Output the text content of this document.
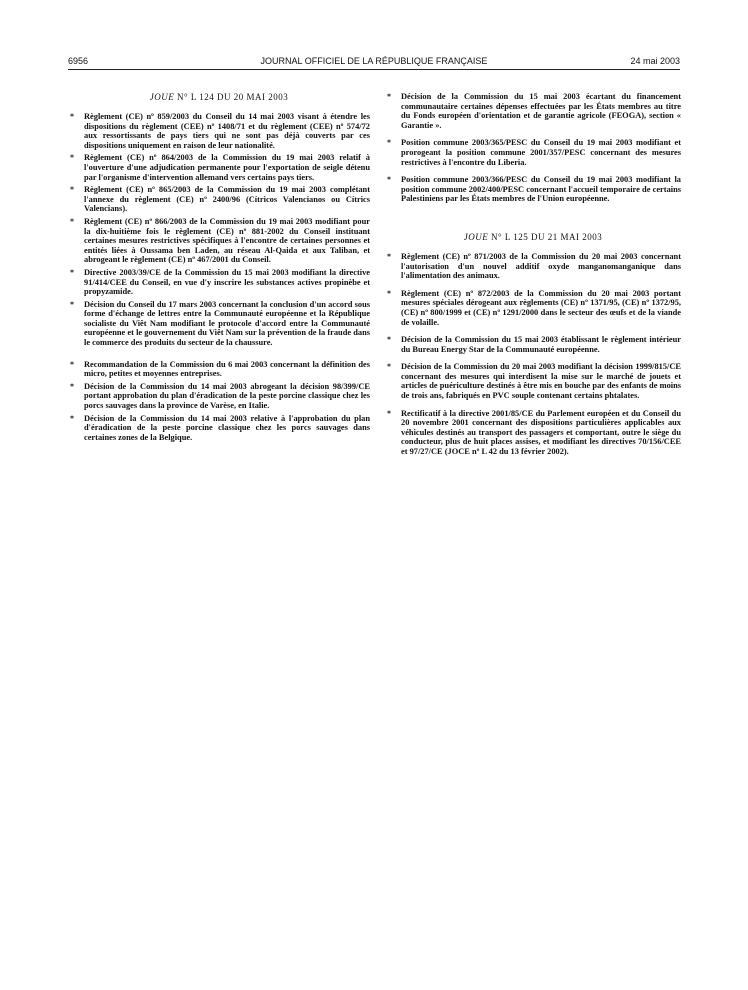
6956	JOURNAL OFFICIEL DE LA RÉPUBLIQUE FRANÇAISE	24 mai 2003
JOUE N° L 124 DU 20 MAI 2003
* Règlement (CE) nº 859/2003 du Conseil du 14 mai 2003 visant à étendre les dispositions du règlement (CEE) nº 1408/71 et du règlement (CEE) nº 574/72 aux ressortissants de pays tiers qui ne sont pas déjà couverts par ces dispositions uniquement en raison de leur nationalité.
* Règlement (CE) nº 864/2003 de la Commission du 19 mai 2003 relatif à l'ouverture d'une adjudication permanente pour l'exportation de seigle détenu par l'organisme d'intervention allemand vers certains pays tiers.
* Règlement (CE) nº 865/2003 de la Commission du 19 mai 2003 complétant l'annexe du règlement (CE) nº 2400/96 (Cítricos Valencianos ou Cítrics Valencians).
* Règlement (CE) nº 866/2003 de la Commission du 19 mai 2003 modifiant pour la dix-huitième fois le règlement (CE) nº 881-2002 du Conseil instituant certaines mesures restrictives spécifiques à l'encontre de certaines personnes et entités liées à Oussama ben Laden, au réseau Al-Qaida et aux Taliban, et abrogeant le règlement (CE) nº 467/2001 du Conseil.
* Directive 2003/39/CE de la Commission du 15 mai 2003 modifiant la directive 91/414/CEE du Conseil, en vue d'y inscrire les substances actives propinèbe et propyzamide.
* Décision du Conseil du 17 mars 2003 concernant la conclusion d'un accord sous forme d'échange de lettres entre la Communauté européenne et la République socialiste du Viêt Nam modifiant le protocole d'accord entre la Communauté européenne et le gouvernement du Viêt Nam sur la prévention de la fraude dans le commerce des produits du secteur de la chaussure.
* Recommandation de la Commission du 6 mai 2003 concernant la définition des micro, petites et moyennes entreprises.
* Décision de la Commission du 14 mai 2003 abrogeant la décision 98/399/CE portant approbation du plan d'éradication de la peste porcine classique chez les porcs sauvages dans la province de Varèse, en Italie.
* Décision de la Commission du 14 mai 2003 relative à l'approbation du plan d'éradication de la peste porcine classique chez les porcs sauvages dans certaines zones de la Belgique.
* Décision de la Commission du 15 mai 2003 écartant du financement communautaire certaines dépenses effectuées par les États membres au titre du Fonds européen d'orientation et de garantie agricole (FEOGA), section « Garantie ».
* Position commune 2003/365/PESC du Conseil du 19 mai 2003 modifiant et prorogeant la position commune 2001/357/PESC concernant des mesures restrictives à l'encontre du Liberia.
* Position commune 2003/366/PESC du Conseil du 19 mai 2003 modifiant la position commune 2002/400/PESC concernant l'accueil temporaire de certains Palestiniens par les États membres de l'Union européenne.
JOUE N° L 125 DU 21 MAI 2003
* Règlement (CE) nº 871/2003 de la Commission du 20 mai 2003 concernant l'autorisation d'un nouvel additif oxyde manganomanganique dans l'alimentation des animaux.
* Règlement (CE) nº 872/2003 de la Commission du 20 mai 2003 portant mesures spéciales dérogeant aux règlements (CE) nº 1371/95, (CE) nº 1372/95, (CE) nº 800/1999 et (CE) nº 1291/2000 dans le secteur des œufs et de la viande de volaille.
* Décision de la Commission du 15 mai 2003 établissant le règlement intérieur du Bureau Energy Star de la Communauté européenne.
* Décision de la Commission du 20 mai 2003 modifiant la décision 1999/815/CE concernant des mesures qui interdisent la mise sur le marché de jouets et articles de puériculture destinés à être mis en bouche par des enfants de moins de trois ans, fabriqués en PVC souple contenant certains phtalates.
* Rectificatif à la directive 2001/85/CE du Parlement européen et du Conseil du 20 novembre 2001 concernant des dispositions particulières applicables aux véhicules destinés au transport des passagers et comportant, outre le siège du conducteur, plus de huit places assises, et modifiant les directives 70/156/CEE et 97/27/CE (JOCE nº L 42 du 13 février 2002).
